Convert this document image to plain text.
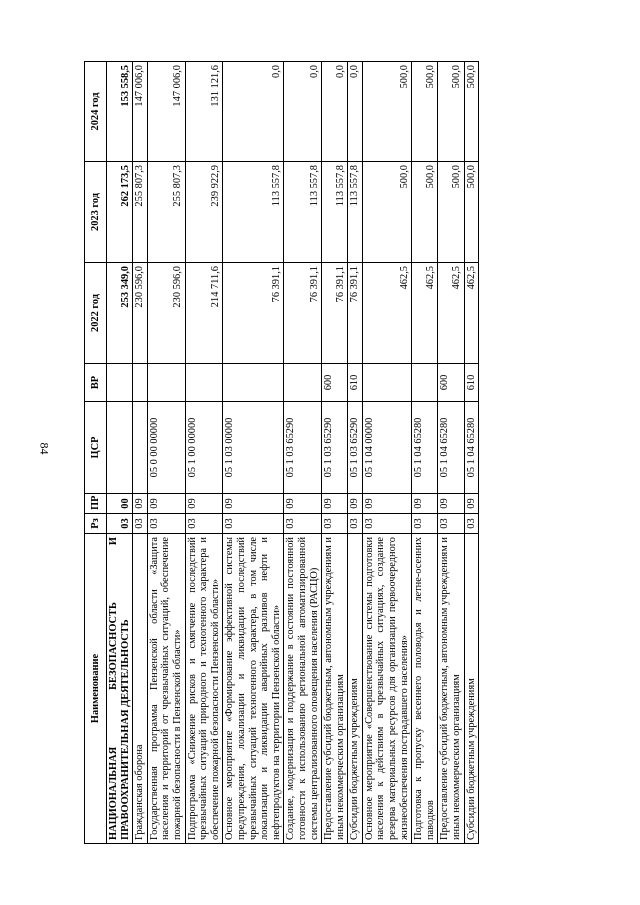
84
Наименование	Рз	ПР	ЦСР	ВР	2022 год	2023 год	2024 год
НАЦИОНАЛЬНАЯ БЕЗОПАСНОСТЬ И ПРАВООХРАНИТЕЛЬНАЯ ДЕЯТЕЛЬНОСТЬ	03	00			253 349,0	262 173,5	153 558,5
Гражданская оборона	03	09			230 596,0	255 807,3	147 006,0
Государственная программа Пензенской области «Защита населения и территорий от чрезвычайных ситуаций, обеспечение пожарной безопасности в Пензенской области»	03	09	05 0 00 00000		230 596,0	255 807,3	147 006,0
Подпрограмма «Снижение рисков и смягчение последствий чрезвычайных ситуаций природного и техногенного характера и обеспечение пожарной безопасности Пензенской области»	03	09	05 1 00 00000		214 711,6	239 922,9	131 121,6
Основное мероприятие «Формирование эффективной системы предупреждения, локализации и ликвидации последствий чрезвычайных ситуаций техногенного характера, в том числе локализации и ликвидации аварийных разливов нефти и нефтепродуктов на территории Пензенской области»	03	09	05 1 03 00000		76 391,1	113 557,8	0,0
Создание, модернизация и поддержание в состоянии постоянной готовности к использованию региональной автоматизированной системы централизованного оповещения населения (РАСЦО)	03	09	05 1 03 65290		76 391,1	113 557,8	0,0
Предоставление субсидий бюджетным, автономным учреждениям и иным некоммерческим организациям	03	09	05 1 03 65290	600	76 391,1	113 557,8	0,0
Субсидии бюджетным учреждениям	03	09	05 1 03 65290	610	76 391,1	113 557,8	0,0
Основное мероприятие «Совершенствование системы подготовки населения к действиям в чрезвычайных ситуациях, создание резерва материальных ресурсов для организации первоочередного жизнеобеспечения пострадавшего населения»	03	09	05 1 04 00000		462,5	500,0	500,0
Подготовка к пропуску весеннего половодья и летне-осенних паводков	03	09	05 1 04 65280		462,5	500,0	500,0
Предоставление субсидий бюджетным, автономным учреждениям и иным некоммерческим организациям	03	09	05 1 04 65280	600	462,5	500,0	500,0
Субсидии бюджетным учреждениям	03	09	05 1 04 65280	610	462,5	500,0	500,0
